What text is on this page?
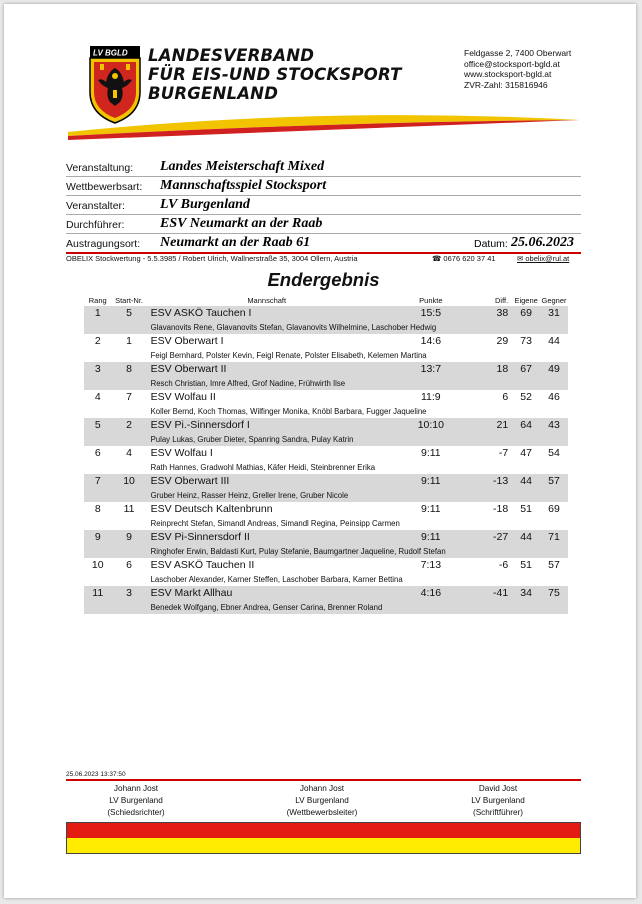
LV BGLD LANDESVERBAND
FÜR EIS-UND STOCKSPORT
BURGENLAND
Feldgasse 2, 7400 Oberwart
office@stocksport-bgld.at
www.stocksport-bgld.at
ZVR-Zahl: 315816946
Veranstaltung: Landes Meisterschaft Mixed
Wettbewerbsart: Mannschaftsspiel Stocksport
Veranstalter:	LV Burgenland
Durchführer:	ESV Neumarkt an der Raab
Austragungsort: Neumarkt an der Raab 61	Datum: 25.06.2023
OBELIX Stockwertung - 5.5.3985 / Robert Ulrich, Wallnerstraße 35, 3004 Ollern, Austria	☎ 0676 620 37 41	✉ obelix@rul.at
Endergebnis
Rang	Start-Nr.	Mannschaft	Punkte	Diff.	Eigene	Gegner
1	5	ESV ASKÖ Tauchen I	15:5	38	69	31
		Glavanovits Rene, Glavanovits Stefan, Glavanovits Wilhelmine, Laschober Hedwig				
2	1	ESV Oberwart I	14:6	29	73	44
		Feigl Bernhard, Polster Kevin, Feigl Renate, Polster Elisabeth, Kelemen Martina				
3	8	ESV Oberwart II	13:7	18	67	49
		Resch Christian, Imre Alfred, Grof Nadine, Frühwirth Ilse				
4	7	ESV Wolfau II	11:9	6	52	46
		Koller Bernd, Koch Thomas, Wilfinger Monika, Knöbl Barbara, Fugger Jaqueline				
5	2	ESV Pi.-Sinnersdorf I	10:10	21	64	43
		Pulay Lukas, Gruber Dieter, Spanring Sandra, Pulay Katrin				
6	4	ESV Wolfau I	9:11	-7	47	54
		Rath Hannes, Gradwohl Mathias, Käfer Heidi, Steinbrenner Erika				
7	10	ESV Oberwart III	9:11	-13	44	57
		Gruber Heinz, Rasser Heinz, Greller Irene, Gruber Nicole				
8	11	ESV Deutsch Kaltenbrunn	9:11	-18	51	69
		Reinprecht Stefan, Simandl Andreas, Simandl Regina, Peinsipp Carmen				
9	9	ESV Pi-Sinnersdorf II	9:11	-27	44	71
		Ringhofer Erwin, Baldasti Kurt, Pulay Stefanie, Baumgartner Jaqueline, Rudolf Stefan				
10	6	ESV ASKÖ Tauchen II	7:13	-6	51	57
		Laschober Alexander, Karner Steffen, Laschober Barbara, Karner Bettina				
11	3	ESV Markt Allhau	4:16	-41	34	75
		Benedek Wolfgang, Ebner Andrea, Genser Carina, Brenner Roland				
25.06.2023 13:37:50
Johann Jost
LV Burgenland
(Schiedsrichter)
Johann Jost
LV Burgenland
(Wettbewerbsleiter)
David Jost
LV Burgenland
(Schriftführer)
